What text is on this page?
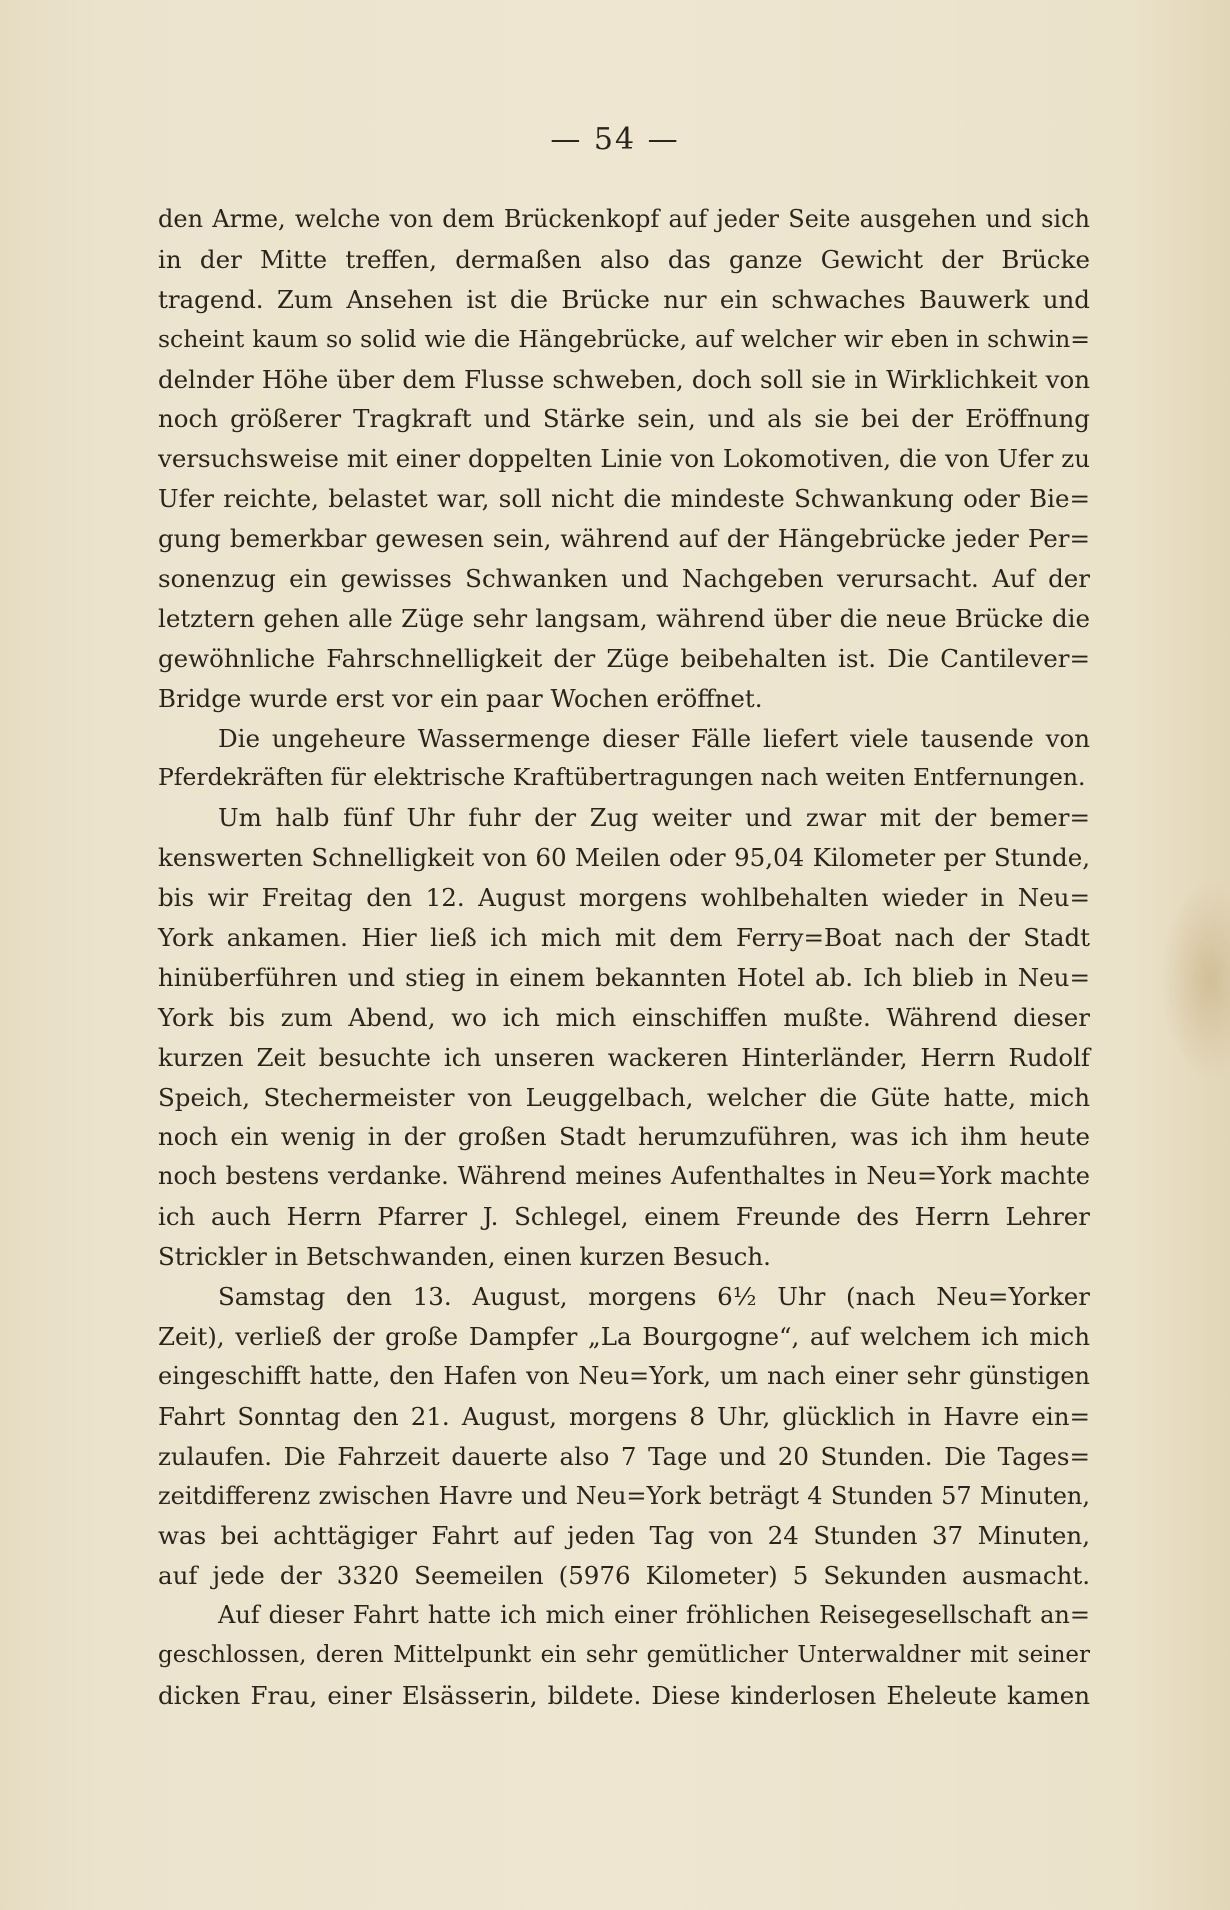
— 54 —
den Arme, welche von dem Brückenkopf auf jeder Seite ausgehen und sich
in der Mitte treffen, dermaßen also das ganze Gewicht der Brücke
tragend. Zum Ansehen ist die Brücke nur ein schwaches Bauwerk und
scheint kaum so solid wie die Hängebrücke, auf welcher wir eben in schwin=
delnder Höhe über dem Flusse schweben, doch soll sie in Wirklichkeit von
noch größerer Tragkraft und Stärke sein, und als sie bei der Eröffnung
versuchsweise mit einer doppelten Linie von Lokomotiven, die von Ufer zu
Ufer reichte, belastet war, soll nicht die mindeste Schwankung oder Bie=
gung bemerkbar gewesen sein, während auf der Hängebrücke jeder Per=
sonenzug ein gewisses Schwanken und Nachgeben verursacht. Auf der
letztern gehen alle Züge sehr langsam, während über die neue Brücke die
gewöhnliche Fahrschnelligkeit der Züge beibehalten ist. Die Cantilever=
Bridge wurde erst vor ein paar Wochen eröffnet.
Die ungeheure Wassermenge dieser Fälle liefert viele tausende von
Pferdekräften für elektrische Kraftübertragungen nach weiten Entfernungen.
Um halb fünf Uhr fuhr der Zug weiter und zwar mit der bemer=
kenswerten Schnelligkeit von 60 Meilen oder 95,04 Kilometer per Stunde,
bis wir Freitag den 12. August morgens wohlbehalten wieder in Neu=
York ankamen. Hier ließ ich mich mit dem Ferry=Boat nach der Stadt
hinüberführen und stieg in einem bekannten Hotel ab. Ich blieb in Neu=
York bis zum Abend, wo ich mich einschiffen mußte. Während dieser
kurzen Zeit besuchte ich unseren wackeren Hinterländer, Herrn Rudolf
Speich, Stechermeister von Leuggelbach, welcher die Güte hatte, mich
noch ein wenig in der großen Stadt herumzuführen, was ich ihm heute
noch bestens verdanke. Während meines Aufenthaltes in Neu=York machte
ich auch Herrn Pfarrer J. Schlegel, einem Freunde des Herrn Lehrer
Strickler in Betschwanden, einen kurzen Besuch.
Samstag den 13. August, morgens 6½ Uhr (nach Neu=Yorker
Zeit), verließ der große Dampfer „La Bourgogne“, auf welchem ich mich
eingeschifft hatte, den Hafen von Neu=York, um nach einer sehr günstigen
Fahrt Sonntag den 21. August, morgens 8 Uhr, glücklich in Havre ein=
zulaufen. Die Fahrzeit dauerte also 7 Tage und 20 Stunden. Die Tages=
zeitdifferenz zwischen Havre und Neu=York beträgt 4 Stunden 57 Minuten,
was bei achttägiger Fahrt auf jeden Tag von 24 Stunden 37 Minuten,
auf jede der 3320 Seemeilen (5976 Kilometer) 5 Sekunden ausmacht.
Auf dieser Fahrt hatte ich mich einer fröhlichen Reisegesellschaft an=
geschlossen, deren Mittelpunkt ein sehr gemütlicher Unterwaldner mit seiner
dicken Frau, einer Elsässerin, bildete. Diese kinderlosen Eheleute kamen
